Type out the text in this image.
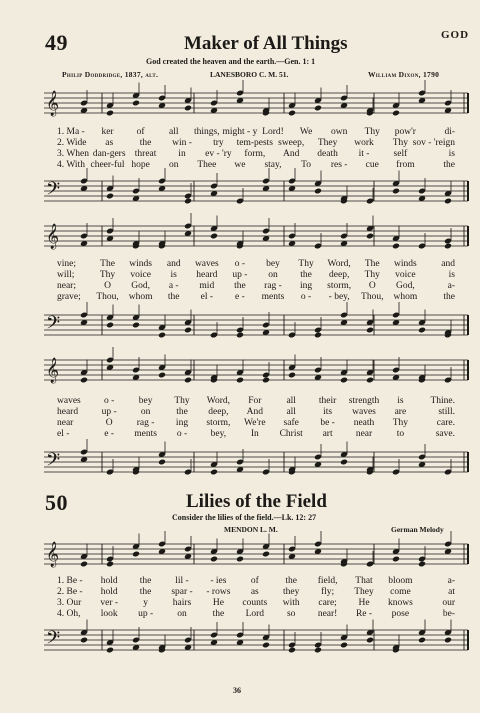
GOD
49	Maker of All Things
God created the heaven and the earth.—Gen. 1: 1
Philip Doddridge, 1837, alt.	LANESBORO C. M. 51.	William Dixon, 1790
𝄞
1. Ma - ker of	all things, might - y Lord! We own Thy pow'r	di-
2. Wide as	the win - try tem-pests sweep, They work Thy sov - 'reign
3. When dan-gers threat in ev - 'ry form, And death it -	self	is
4. With cheer-ful hope on Thee we stay, To res - cue from	the
𝄢
𝄞
vine;	The winds and waves o - bey Thy Word, The winds	and
will;	Thy voice is heard up - on the deep, Thy voice	is
near;	O God, a - mid the rag - ing storm, O God,	a-
grave; Thou, whom the el - e - ments o - - bey, Thou, whom	the
𝄢
𝄞
waves o -	bey Thy Word, For	all their strength is	Thine.
heard up -	on	the deep, And all	its waves are	still.
near	O	rag - ing storm, We're safe be - neath Thy	care.
el -	e - ments o - bey,	In Christ art near	to	save.
𝄢
50	Lilies of the Field
Consider the lilies of the field.—Lk. 12: 27
MENDON L. M.	German Melody
𝄞
1. Be - hold the	lil - - ies	of	the field, That bloom	a-
2. Be - hold the spar - - rows as	they fly; They come	at
3. Our ver -	y	hairs He counts with care; He knows	our
4. Oh, look up -	on	the Lord so near! Re - pose	be-
𝄢
36
